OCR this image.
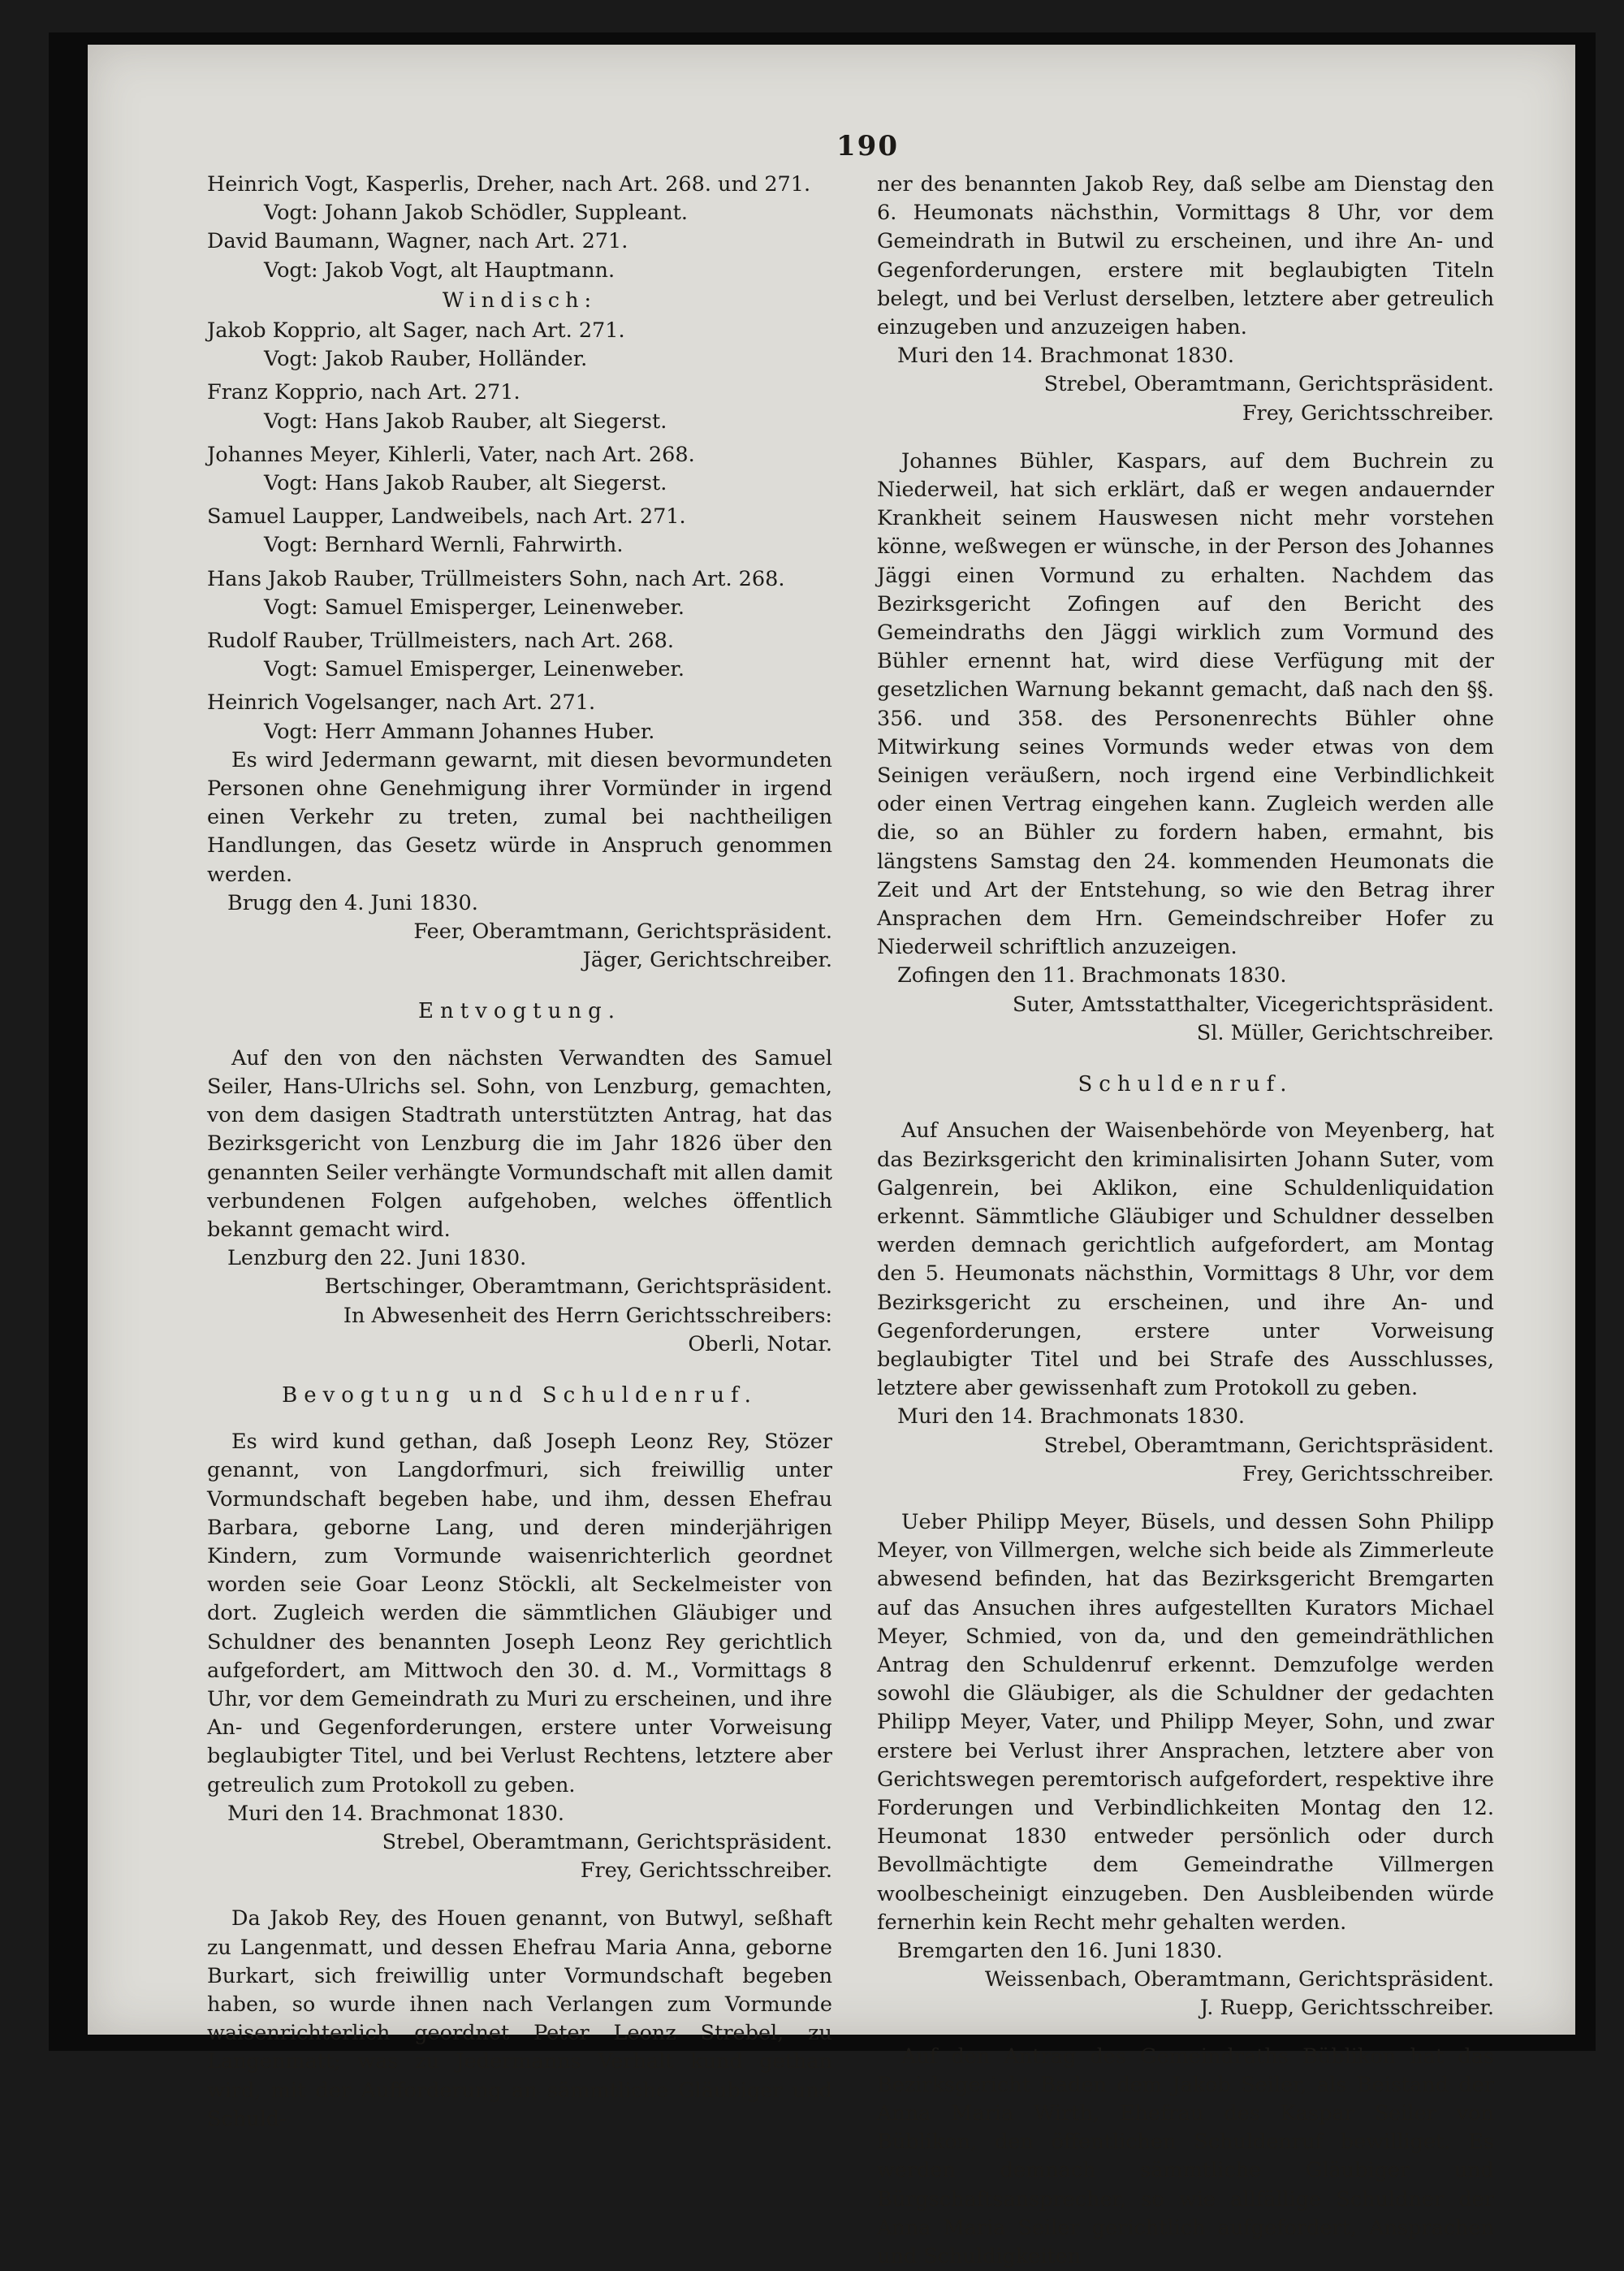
190
Heinrich Vogt, Kasperlis, Dreher, nach Art. 268. und 271.
Vogt: Johann Jakob Schödler, Suppleant.
David Baumann, Wagner, nach Art. 271.
Vogt: Jakob Vogt, alt Hauptmann.
Windisch:
Jakob Kopprio, alt Sager, nach Art. 271.
Vogt: Jakob Rauber, Holländer.
Franz Kopprio, nach Art. 271.
Vogt: Hans Jakob Rauber, alt Siegerst.
Johannes Meyer, Kihlerli, Vater, nach Art. 268.
Vogt: Hans Jakob Rauber, alt Siegerst.
Samuel Laupper, Landweibels, nach Art. 271.
Vogt: Bernhard Wernli, Fahrwirth.
Hans Jakob Rauber, Trüllmeisters Sohn, nach Art. 268.
Vogt: Samuel Emisperger, Leinenweber.
Rudolf Rauber, Trüllmeisters, nach Art. 268.
Vogt: Samuel Emisperger, Leinenweber.
Heinrich Vogelsanger, nach Art. 271.
Vogt: Herr Ammann Johannes Huber.

Es wird Jedermann gewarnt, mit diesen bevormundeten Personen ohne Genehmigung ihrer Vormünder in irgend einen Verkehr zu treten, zumal bei nachtheiligen Handlungen, das Gesetz würde in Anspruch genommen werden.

Brugg den 4. Juni 1830.

Feer, Oberamtmann, Gerichtspräsident.

Jäger, Gerichtschreiber.

Entvogtung.

Auf den von den nächsten Verwandten des Samuel Seiler, Hans-Ulrichs sel. Sohn, von Lenzburg, gemachten, von dem dasigen Stadtrath unterstützten Antrag, hat das Bezirksgericht von Lenzburg die im Jahr 1826 über den genannten Seiler verhängte Vormundschaft mit allen damit verbundenen Folgen aufgehoben, welches öffentlich bekannt gemacht wird.

Lenzburg den 22. Juni 1830.

Bertschinger, Oberamtmann, Gerichtspräsident.

In Abwesenheit des Herrn Gerichtsschreibers:

Oberli, Notar.

Bevogtung und Schuldenruf.

Es wird kund gethan, daß Joseph Leonz Rey, Stözer genannt, von Langdorfmuri, sich freiwillig unter Vormundschaft begeben habe, und ihm, dessen Ehefrau Barbara, geborne Lang, und deren minderjährigen Kindern, zum Vormunde waisenrichterlich geordnet worden seie Goar Leonz Stöckli, alt Seckelmeister von dort. Zugleich werden die sämmtlichen Gläubiger und Schuldner des benannten Joseph Leonz Rey gerichtlich aufgefordert, am Mittwoch den 30. d. M., Vormittags 8 Uhr, vor dem Gemeindrath zu Muri zu erscheinen, und ihre An- und Gegenforderungen, erstere unter Vorweisung beglaubigter Titel, und bei Verlust Rechtens, letztere aber getreulich zum Protokoll zu geben.

Muri den 14. Brachmonat 1830.

Strebel, Oberamtmann, Gerichtspräsident.

Frey, Gerichtsschreiber.

Da Jakob Rey, des Houen genannt, von Butwyl, seßhaft zu Langenmatt, und dessen Ehefrau Maria Anna, geborne Burkart, sich freiwillig unter Vormundschaft begeben haben, so wurde ihnen nach Verlangen zum Vormunde waisenrichterlich geordnet Peter Leonz Strebel, zu Langenmatt; was zu Jedermanns Verhalt kund gethan wird, mit der Aufforderung an sämmtliche Gläubiger und Schuld-

ner des benannten Jakob Rey, daß selbe am Dienstag den 6. Heumonats nächsthin, Vormittags 8 Uhr, vor dem Gemeindrath in Butwil zu erscheinen, und ihre An- und Gegenforderungen, erstere mit beglaubigten Titeln belegt, und bei Verlust derselben, letztere aber getreulich einzugeben und anzuzeigen haben.

Muri den 14. Brachmonat 1830.

Strebel, Oberamtmann, Gerichtspräsident.

Frey, Gerichtsschreiber.

Johannes Bühler, Kaspars, auf dem Buchrein zu Niederweil, hat sich erklärt, daß er wegen andauernder Krankheit seinem Hauswesen nicht mehr vorstehen könne, weßwegen er wünsche, in der Person des Johannes Jäggi einen Vormund zu erhalten. Nachdem das Bezirksgericht Zofingen auf den Bericht des Gemeindraths den Jäggi wirklich zum Vormund des Bühler ernennt hat, wird diese Verfügung mit der gesetzlichen Warnung bekannt gemacht, daß nach den §§. 356. und 358. des Personenrechts Bühler ohne Mitwirkung seines Vormunds weder etwas von dem Seinigen veräußern, noch irgend eine Verbindlichkeit oder einen Vertrag eingehen kann. Zugleich werden alle die, so an Bühler zu fordern haben, ermahnt, bis längstens Samstag den 24. kommenden Heumonats die Zeit und Art der Entstehung, so wie den Betrag ihrer Ansprachen dem Hrn. Gemeindschreiber Hofer zu Niederweil schriftlich anzuzeigen.

Zofingen den 11. Brachmonats 1830.

Suter, Amtsstatthalter, Vicegerichtspräsident.

Sl. Müller, Gerichtschreiber.

Schuldenruf.

Auf Ansuchen der Waisenbehörde von Meyenberg, hat das Bezirksgericht den kriminalisirten Johann Suter, vom Galgenrein, bei Aklikon, eine Schuldenliquidation erkennt. Sämmtliche Gläubiger und Schuldner desselben werden demnach gerichtlich aufgefordert, am Montag den 5. Heumonats nächsthin, Vormittags 8 Uhr, vor dem Bezirksgericht zu erscheinen, und ihre An- und Gegenforderungen, erstere unter Vorweisung beglaubigter Titel und bei Strafe des Ausschlusses, letztere aber gewissenhaft zum Protokoll zu geben.

Muri den 14. Brachmonats 1830.

Strebel, Oberamtmann, Gerichtspräsident.

Frey, Gerichtsschreiber.

Ueber Philipp Meyer, Büsels, und dessen Sohn Philipp Meyer, von Villmergen, welche sich beide als Zimmerleute abwesend befinden, hat das Bezirksgericht Bremgarten auf das Ansuchen ihres aufgestellten Kurators Michael Meyer, Schmied, von da, und den gemeindräthlichen Antrag den Schuldenruf erkennt. Demzufolge werden sowohl die Gläubiger, als die Schuldner der gedachten Philipp Meyer, Vater, und Philipp Meyer, Sohn, und zwar erstere bei Verlust ihrer Ansprachen, letztere aber von Gerichtswegen peremtorisch aufgefordert, respektive ihre Forderungen und Verbindlichkeiten Montag den 12. Heumonat 1830 entweder persönlich oder durch Bevollmächtigte dem Gemeindrathe Villmergen woolbescheinigt einzugeben. Den Ausbleibenden würde fernerhin kein Recht mehr gehalten werden.

Bremgarten den 16. Juni 1830.

Weissenbach, Oberamtmann, Gerichtspräsident.

J. Ruepp, Gerichtsschreiber.

Auf den Antrag des Gemeindraths Büblikon hat das Bezirksgericht Baden dem Jakob Seiler, als Beistand der Anna Maria Wirth, Ehefrau des Kaspar Seiler von Büblikon, den öffentlichen Schuldenruf bewilliget. Es werden demnach sämmtliche Gläubiger und Bürgschaftsansprecher, so wie allfällige Schuldner der Anna Maria Seiler gerichtlich aufgefordert, Ansprachen und Schuldigkeiten
